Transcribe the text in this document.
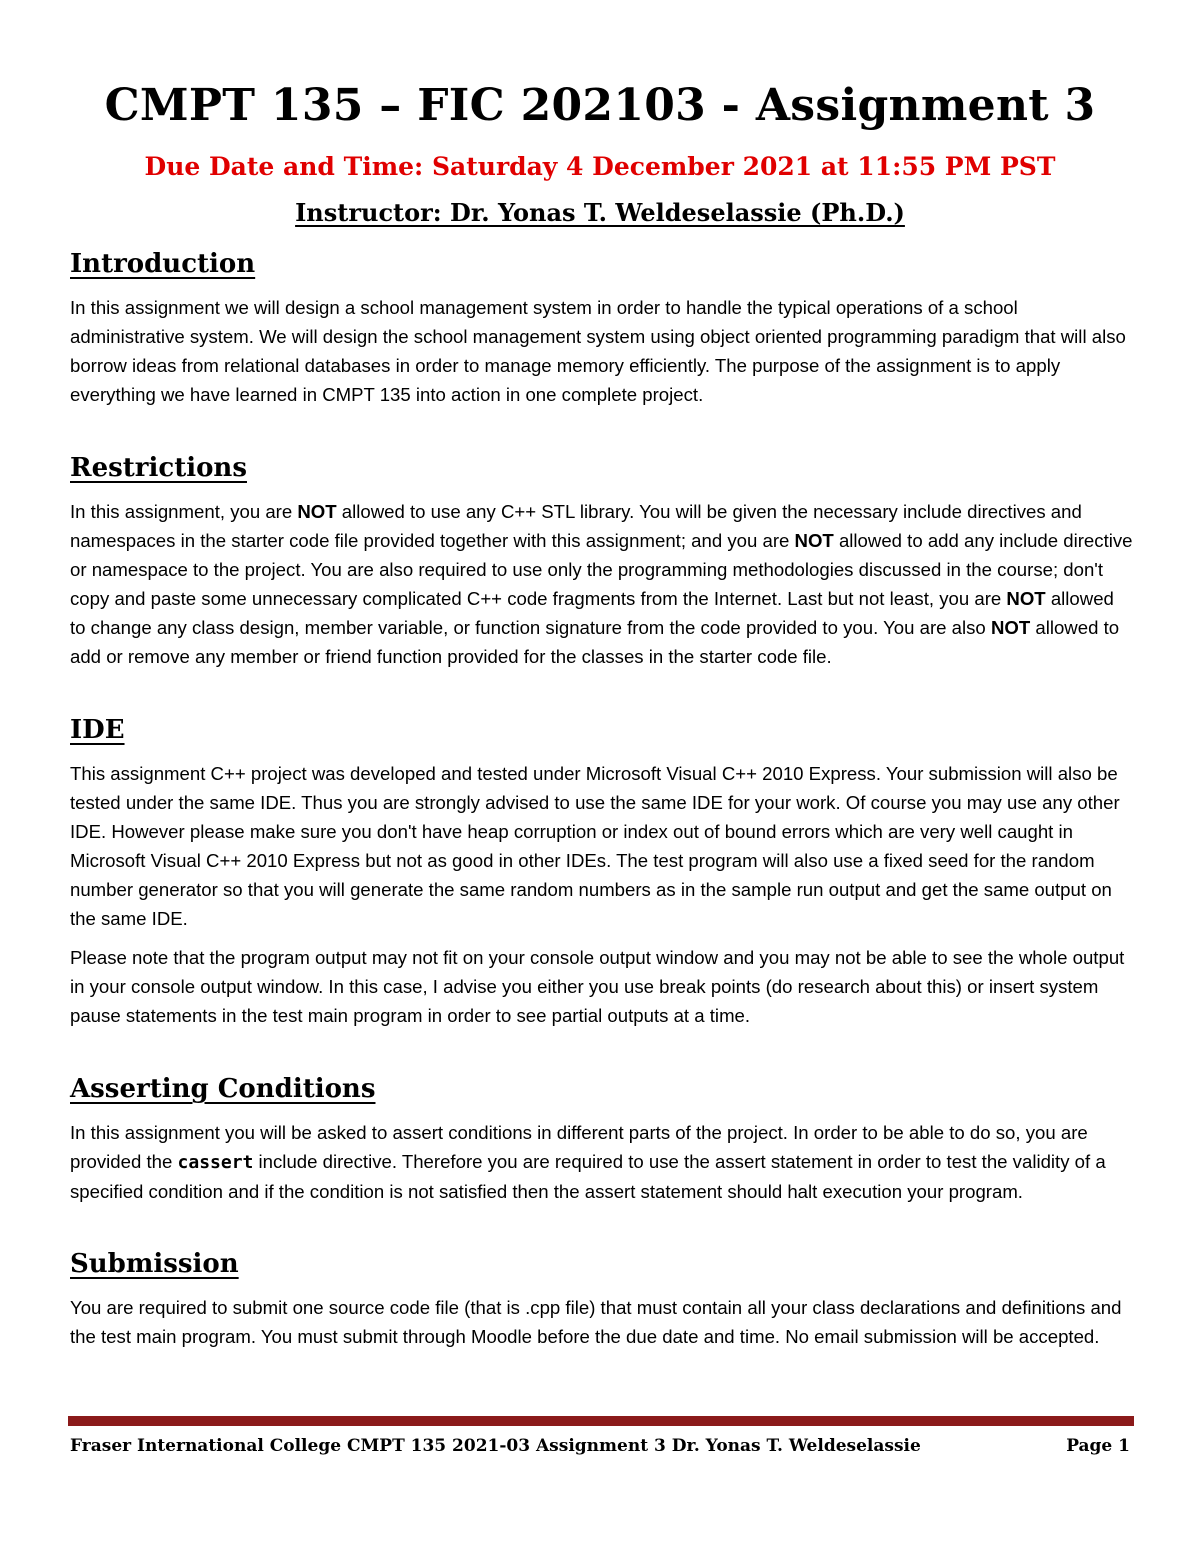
CMPT 135 – FIC 202103 - Assignment 3
Due Date and Time: Saturday 4 December 2021 at 11:55 PM PST
Instructor: Dr. Yonas T. Weldeselassie (Ph.D.)
Introduction

In this assignment we will design a school management system in order to handle the typical operations of a school administrative system. We will design the school management system using object oriented programming paradigm that will also borrow ideas from relational databases in order to manage memory efficiently. The purpose of the assignment is to apply everything we have learned in CMPT 135 into action in one complete project.

Restrictions

In this assignment, you are NOT allowed to use any C++ STL library. You will be given the necessary include directives and namespaces in the starter code file provided together with this assignment; and you are NOT allowed to add any include directive or namespace to the project. You are also required to use only the programming methodologies discussed in the course; don't copy and paste some unnecessary complicated C++ code fragments from the Internet. Last but not least, you are NOT allowed to change any class design, member variable, or function signature from the code provided to you. You are also NOT allowed to add or remove any member or friend function provided for the classes in the starter code file.

IDE

This assignment C++ project was developed and tested under Microsoft Visual C++ 2010 Express. Your submission will also be tested under the same IDE. Thus you are strongly advised to use the same IDE for your work. Of course you may use any other IDE. However please make sure you don't have heap corruption or index out of bound errors which are very well caught in Microsoft Visual C++ 2010 Express but not as good in other IDEs. The test program will also use a fixed seed for the random number generator so that you will generate the same random numbers as in the sample run output and get the same output on the same IDE.

Please note that the program output may not fit on your console output window and you may not be able to see the whole output in your console output window. In this case, I advise you either you use break points (do research about this) or insert system pause statements in the test main program in order to see partial outputs at a time.

Asserting Conditions

In this assignment you will be asked to assert conditions in different parts of the project. In order to be able to do so, you are provided the cassert include directive. Therefore you are required to use the assert statement in order to test the validity of a specified condition and if the condition is not satisfied then the assert statement should halt execution your program.

Submission

You are required to submit one source code file (that is .cpp file) that must contain all your class declarations and definitions and the test main program. You must submit through Moodle before the due date and time. No email submission will be accepted.

Fraser International College CMPT 135 2021-03 Assignment 3 Dr. Yonas T. Weldeselassie	Page 1
